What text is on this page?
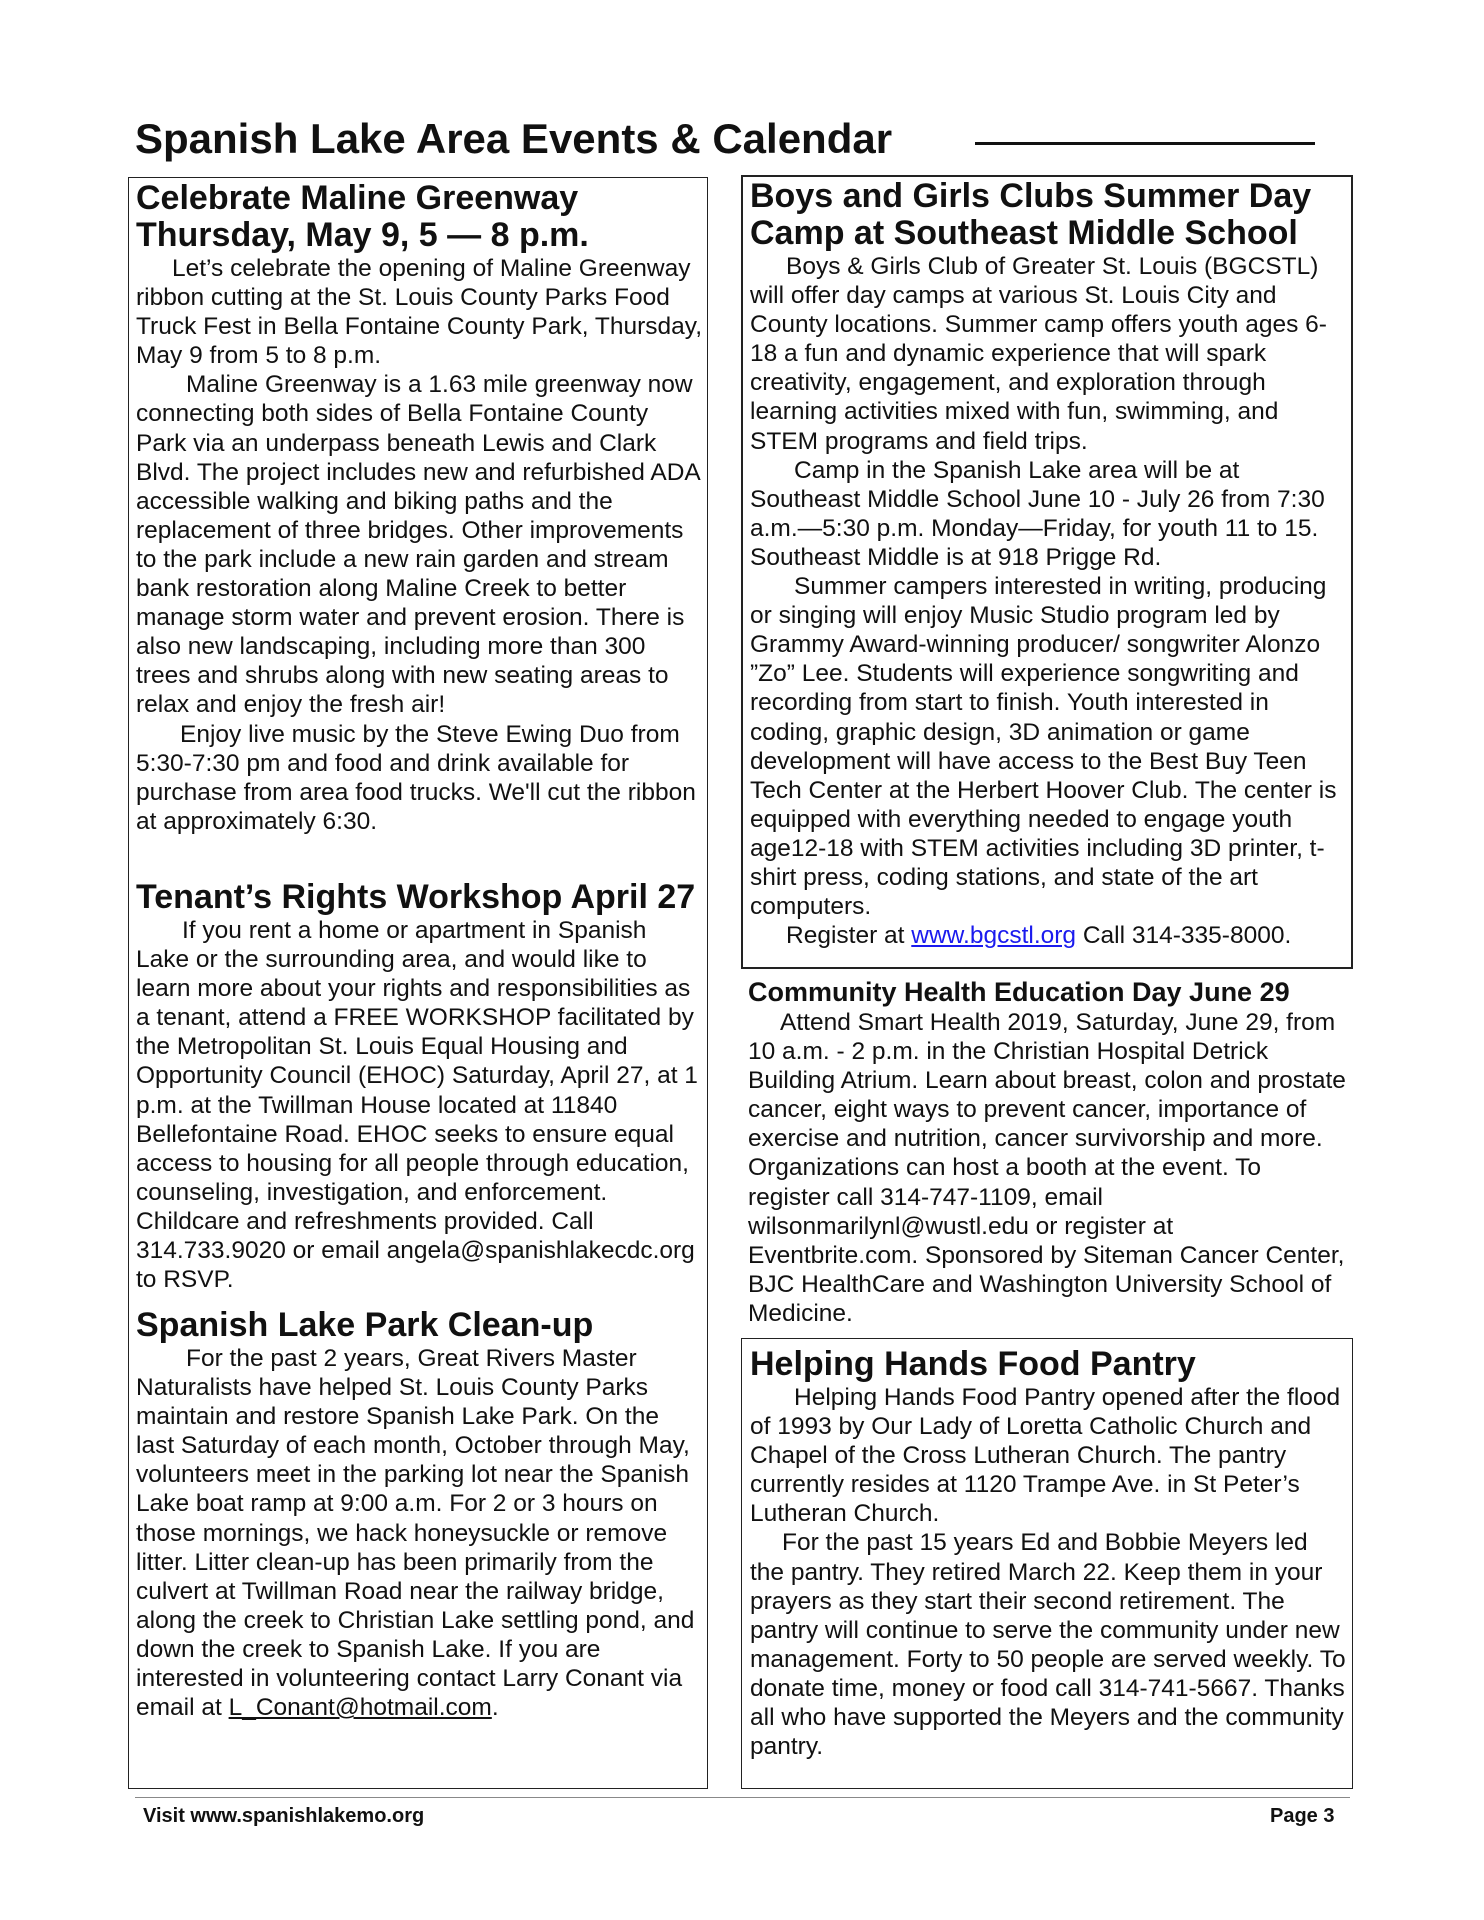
Spanish Lake Area Events & Calendar
Celebrate Maline Greenway
Thursday, May 9, 5 — 8 p.m.

Let’s celebrate the opening of Maline Greenway ribbon cutting at the St. Louis County Parks Food Truck Fest in Bella Fontaine County Park, Thursday, May 9 from 5 to 8 p.m.

Maline Greenway is a 1.63 mile greenway now connecting both sides of Bella Fontaine County Park via an underpass beneath Lewis and Clark Blvd. The project includes new and refurbished ADA accessible walking and biking paths and the replacement of three bridges. Other improvements to the park include a new rain garden and stream bank restoration along Maline Creek to better manage storm water and prevent erosion. There is also new landscaping, including more than 300 trees and shrubs along with new seating areas to relax and enjoy the fresh air!

Enjoy live music by the Steve Ewing Duo from 5:30-7:30 pm and food and drink available for purchase from area food trucks. We'll cut the ribbon at approximately 6:30.

Tenant’s Rights Workshop April 27

If you rent a home or apartment in Spanish Lake or the surrounding area, and would like to learn more about your rights and responsibilities as a tenant, attend a FREE WORKSHOP facilitated by the Metropolitan St. Louis Equal Housing and Opportunity Council (EHOC) Saturday, April 27, at 1 p.m. at the Twillman House located at 11840 Bellefontaine Road. EHOC seeks to ensure equal access to housing for all people through education, counseling, investigation, and enforcement. Childcare and refreshments provided. Call 314.733.9020 or email angela@spanishlakecdc.org to RSVP.

Spanish Lake Park Clean-up

For the past 2 years, Great Rivers Master Naturalists have helped St. Louis County Parks maintain and restore Spanish Lake Park. On the last Saturday of each month, October through May, volunteers meet in the parking lot near the Spanish Lake boat ramp at 9:00 a.m. For 2 or 3 hours on those mornings, we hack honeysuckle or remove litter. Litter clean-up has been primarily from the culvert at Twillman Road near the railway bridge, along the creek to Christian Lake settling pond, and down the creek to Spanish Lake. If you are interested in volunteering contact Larry Conant via email at L_Conant@hotmail.com.

Boys and Girls Clubs Summer Day
Camp at Southeast Middle School

Boys & Girls Club of Greater St. Louis (BGCSTL) will offer day camps at various St. Louis City and County locations. Summer camp offers youth ages 6-18 a fun and dynamic experience that will spark creativity, engagement, and exploration through learning activities mixed with fun, swimming, and STEM programs and field trips.

Camp in the Spanish Lake area will be at Southeast Middle School June 10 - July 26 from 7:30 a.m.—5:30 p.m. Monday—Friday, for youth 11 to 15. Southeast Middle is at 918 Prigge Rd.

Summer campers interested in writing, producing or singing will enjoy Music Studio program led by Grammy Award-winning producer/ songwriter Alonzo ”Zo” Lee. Students will experience songwriting and recording from start to finish. Youth interested in coding, graphic design, 3D animation or game development will have access to the Best Buy Teen Tech Center at the Herbert Hoover Club. The center is equipped with everything needed to engage youth age12-18 with STEM activities including 3D printer, t-shirt press, coding stations, and state of the art computers.

Register at www.bgcstl.org Call 314-335-8000.

Community Health Education Day June 29

Attend Smart Health 2019, Saturday, June 29, from 10 a.m. - 2 p.m. in the Christian Hospital Detrick Building Atrium. Learn about breast, colon and prostate cancer, eight ways to prevent cancer, importance of exercise and nutrition, cancer survivorship and more. Organizations can host a booth at the event. To register call 314-747-1109, email wilsonmarilynl@wustl.edu or register at Eventbrite.com. Sponsored by Siteman Cancer Center, BJC HealthCare and Washington University School of Medicine.

Helping Hands Food Pantry

Helping Hands Food Pantry opened after the flood of 1993 by Our Lady of Loretta Catholic Church and Chapel of the Cross Lutheran Church. The pantry currently resides at 1120 Trampe Ave. in St Peter’s Lutheran Church.

For the past 15 years Ed and Bobbie Meyers led the pantry. They retired March 22. Keep them in your prayers as they start their second retirement. The pantry will continue to serve the community under new management. Forty to 50 people are served weekly. To donate time, money or food call 314-741-5667. Thanks all who have supported the Meyers and the community pantry.

Visit www.spanishlakemo.org	Page 3
